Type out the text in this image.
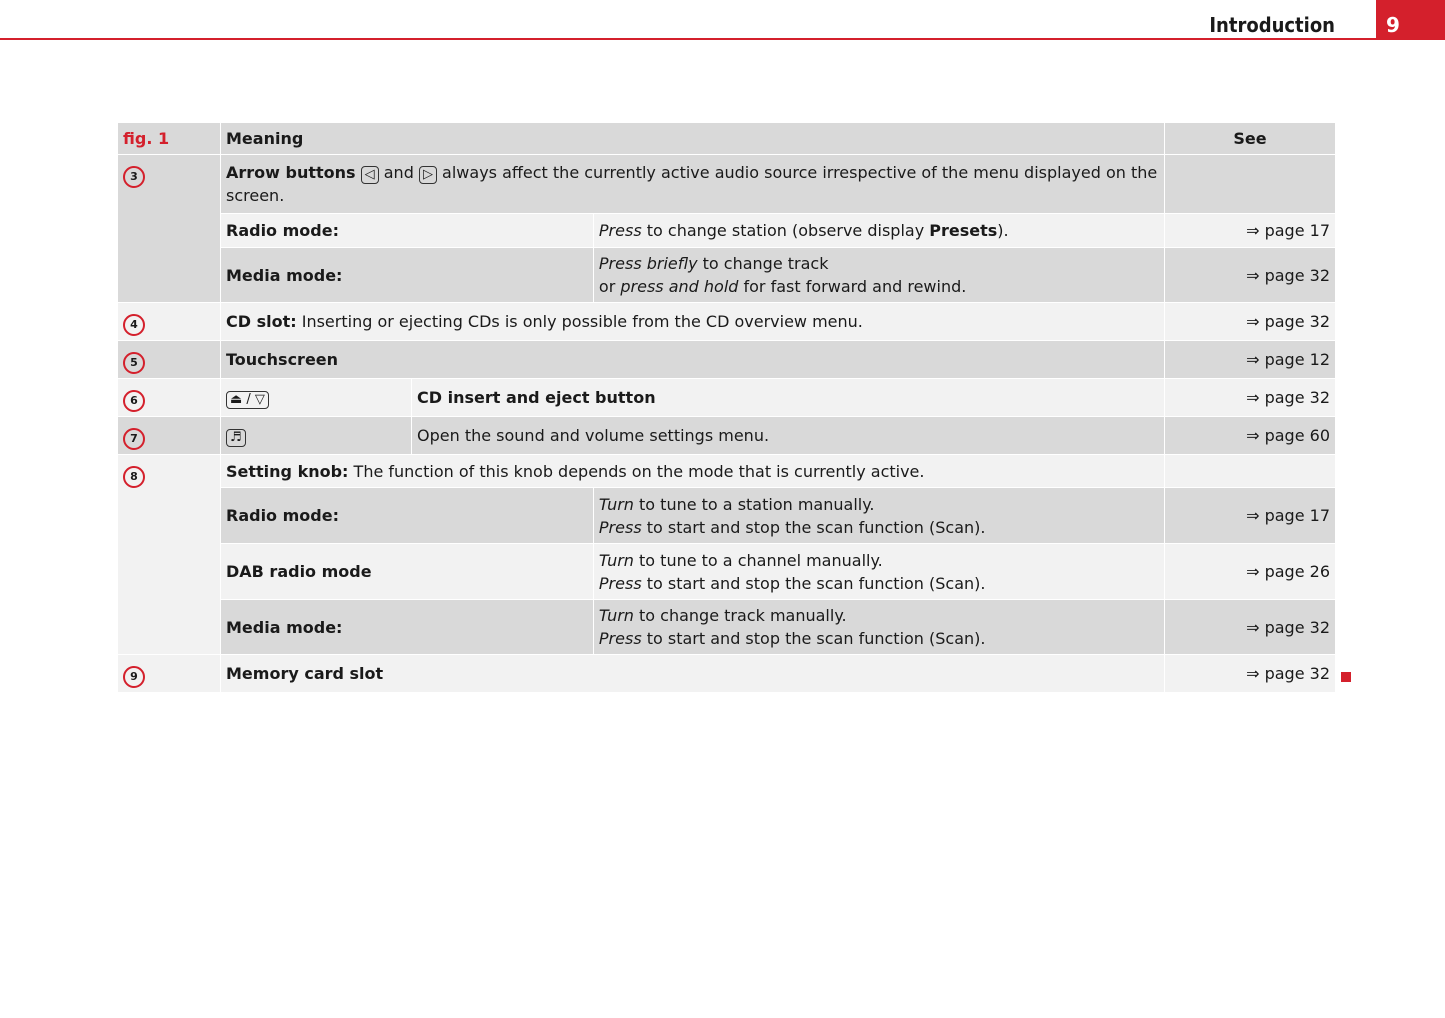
Introduction	9
fig. 1	Meaning			See
3	Arrow buttons ◁ and ▷ always affect the currently active audio source irrespective of the menu displayed on the screen.			
	Radio mode:		Press to change station (observe display Presets).	⇒ page 17
	Media mode:		Press briefly to change track
or press and hold for fast forward and rewind.	⇒ page 32
4	CD slot: Inserting or ejecting CDs is only possible from the CD overview menu.			⇒ page 32
5	Touchscreen			⇒ page 12
6	⏏ / ▽	CD insert and eject button		⇒ page 32
7	♬	Open the sound and volume settings menu.		⇒ page 60
8	Setting knob: The function of this knob depends on the mode that is currently active.			
	Radio mode:		Turn to tune to a station manually.
Press to start and stop the scan function (Scan).	⇒ page 17
	DAB radio mode		Turn to tune to a channel manually.
Press to start and stop the scan function (Scan).	⇒ page 26
	Media mode:		Turn to change track manually.
Press to start and stop the scan function (Scan).	⇒ page 32
9	Memory card slot			⇒ page 32
